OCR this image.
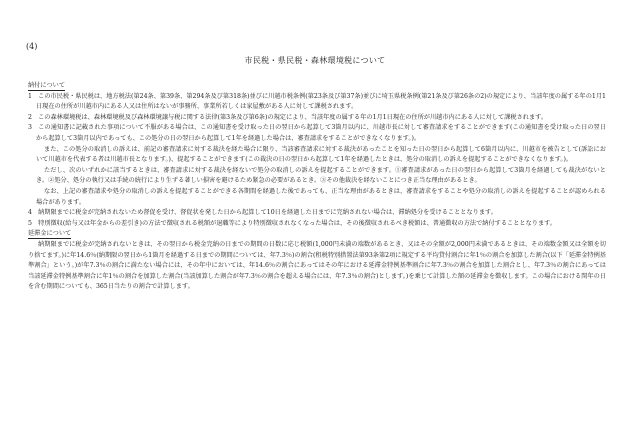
(4)
市民税・県民税・森林環境税について

納付について

1　この市民税・県民税は、地方税法(第24条、第39条、第294条及び第318条)並びに川越市税条例(第23条及び第37条)並びに埼玉県税条例(第21条及び第26条の2)の規定により、当該年度の属する年の1月1日現在の住所が川越市内にある人又は住所はないが事務所、事業所若しくは家屋敷がある人に対して課税されます。

2　この森林環境税は、森林環境税及び森林環境譲与税に関する法律(第3条及び第6条)の規定により、当該年度の属する年の1月1日現在の住所が川越市内にある人に対して課税されます。

3　この通知書に記載された事項について不服がある場合は、この通知書を受け取った日の翌日から起算して3箇月以内に、川越市長に対して審査請求をすることができます(この通知書を受け取った日の翌日から起算して3箇月以内であっても、この処分の日の翌日から起算して1年を経過した場合は、審査請求をすることができなくなります。)。

また、この処分の取消しの訴えは、前記の審査請求に対する裁決を経た場合に限り、当該審査請求に対する裁決があったことを知った日の翌日から起算して6箇月以内に、川越市を被告として(訴訟において川越市を代表する者は川越市長となります。)、提起することができます(この裁決の日の翌日から起算して1年を経過したときは、処分の取消しの訴えを提起することができなくなります。)。

ただし、次のいずれかに該当するときは、審査請求に対する裁決を経ないで処分の取消しの訴えを提起することができます。①審査請求があった日の翌日から起算して3箇月を経過しても裁決がないとき。②処分、処分の執行又は手続の続行により生ずる著しい損害を避けるため緊急の必要があるとき。③その他裁決を経ないことにつき正当な理由があるとき。

なお、上記の審査請求や処分の取消しの訴えを提起することができる各期間を経過した後であっても、正当な理由があるときは、審査請求をすることや処分の取消しの訴えを提起することが認められる場合があります。

4　納期限までに税金が完納されないため督促を受け、督促状を発した日から起算して10日を経過した日までに完納されない場合は、滞納処分を受けることとなります。

5　特別徴収(給与又は年金からの差引き)の方法で徴収される税額が退職等により特別徴収されなくなった場合は、その後徴収されるべき税額は、普通徴収の方法で納付することとなります。

延滞金について

納期限までに税金が完納されないときは、その翌日から税金完納の日までの期間の日数に応じ税額(1,000円未満の端数があるとき、又はその全額が2,000円未満であるときは、その端数金額又は全額を切り捨てます。)に年14.6％(納期限の翌日から1箇月を経過する日までの期間については、年7.3％)の割合(租税特別措置法第93条第2項に規定する平均貸付割合に年1％の割合を加算した割合(以下「延滞金特例基準割合」という。)が年7.3％の割合に満たない場合には、その年中においては、年14.6％の割合にあってはその年における延滞金特例基準割合に年7.3％の割合を加算した割合とし、年7.3％の割合にあっては当該延滞金特例基準割合に年1％の割合を加算した割合(当該加算した割合が年7.3％の割合を超える場合には、年7.3％の割合)とします。)を乗じて計算した額の延滞金を徴収します。この場合における閏年の日を含む期間についても、365日当たりの割合で計算します。
